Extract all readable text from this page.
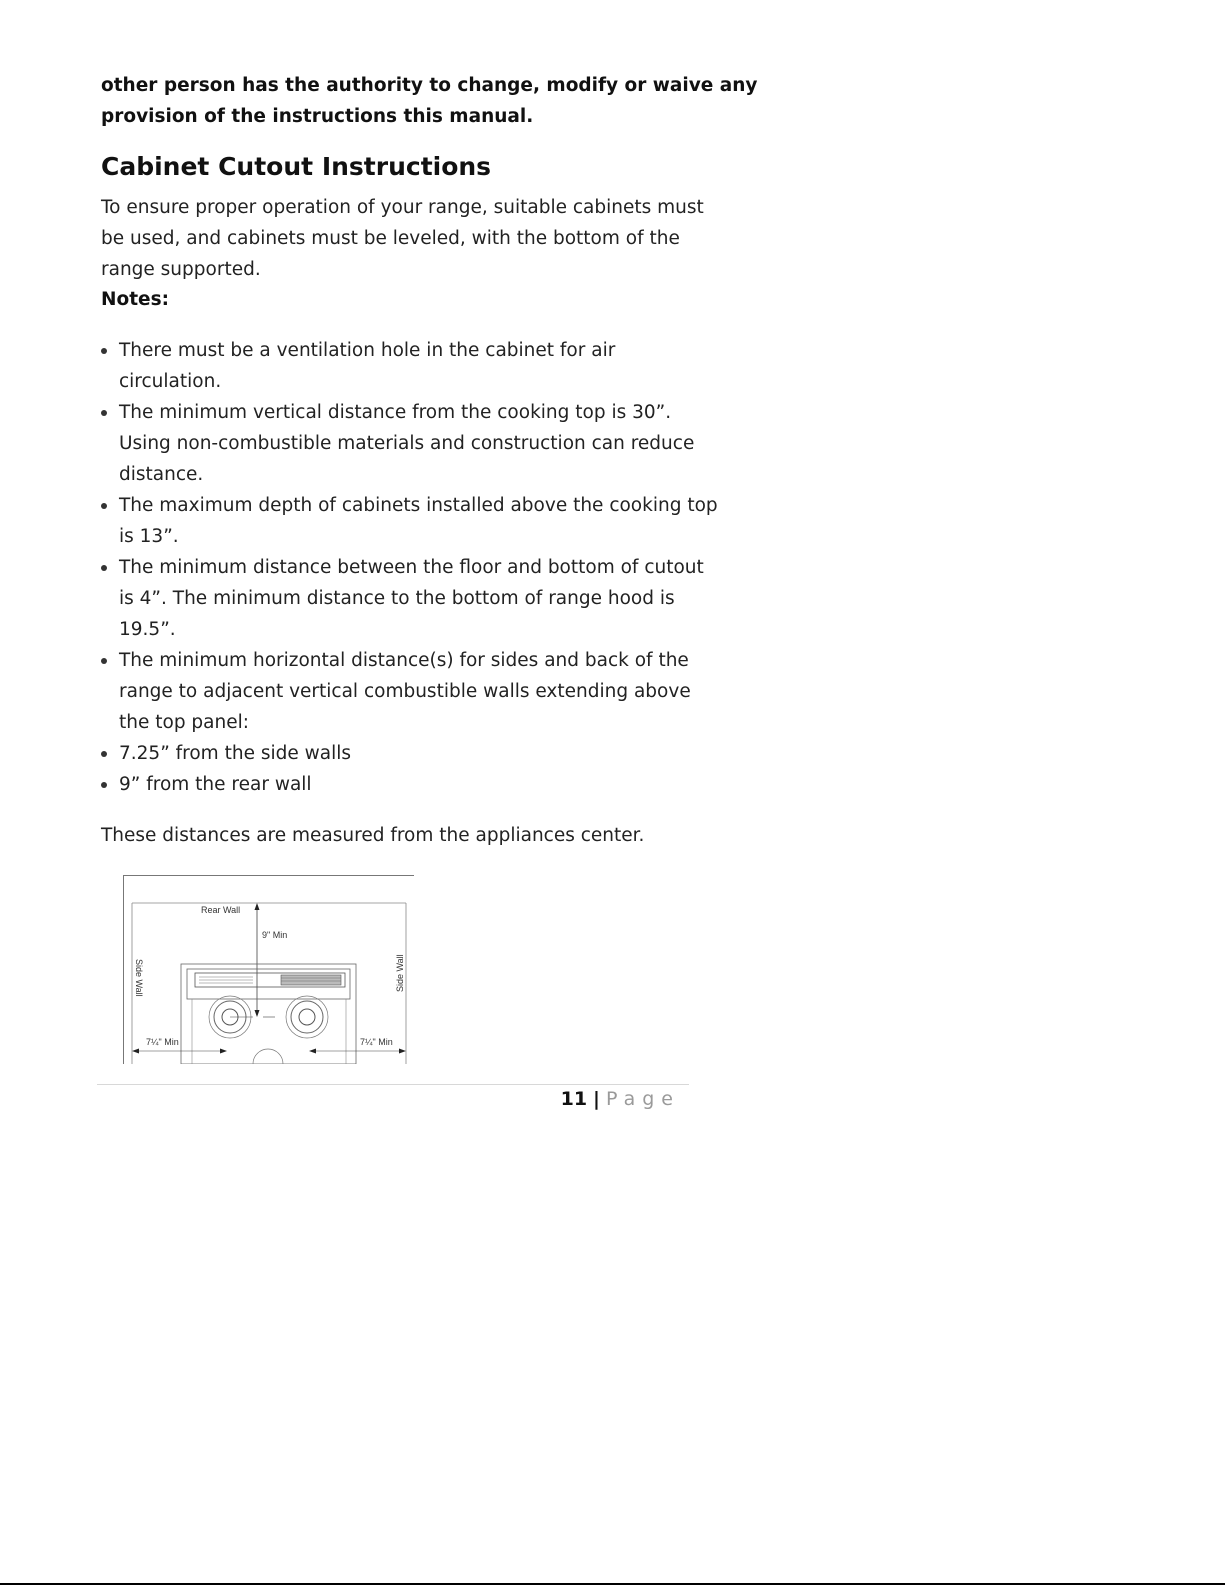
other person has the authority to change, modify or waive any
provision of the instructions this manual.
Cabinet Cutout Instructions
To ensure proper operation of your range, suitable cabinets must
be used, and cabinets must be leveled, with the bottom of the
range supported.
Notes:
There must be a ventilation hole in the cabinet for air
circulation.
The minimum vertical distance from the cooking top is 30”.
Using non-combustible materials and construction can reduce
distance.
The maximum depth of cabinets installed above the cooking top
is 13”.
The minimum distance between the floor and bottom of cutout
is 4”. The minimum distance to the bottom of range hood is
19.5”.
The minimum horizontal distance(s) for sides and back of the
range to adjacent vertical combustible walls extending above
the top panel:
7.25” from the side walls
9” from the rear wall
These distances are measured from the appliances center.
Rear Wall
9" Min
Side Wall	Side Wall
7¼" Min	7¼" Min
11 | Page
